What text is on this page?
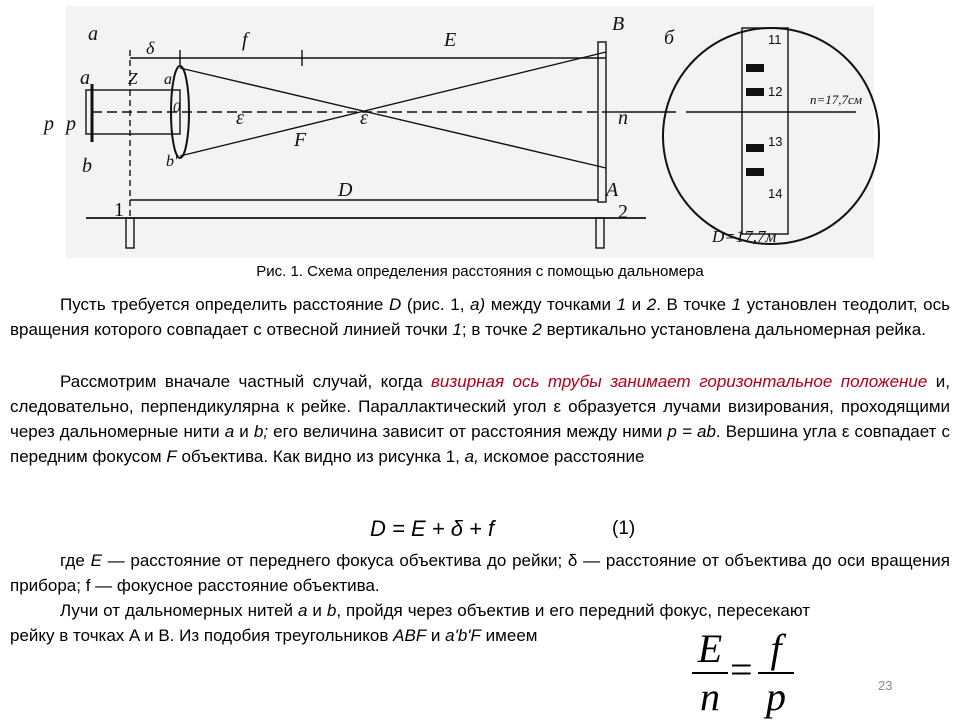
а
δ	f	E
B
б
a Z a'
0
p p	ε	ε
F
n
b	b'
D	A
1	2
11
12
13
14
n=17,7см
D=17,7м
Рис. 1. Схема определения расстояния с помощью дальномера
Пусть требуется определить расстояние D (рис. 1, а) между точками 1 и 2. В точке 1 установлен теодолит, ось вращения которого совпадает с отвесной линией точки 1; в точке 2 вертикально установлена дальномерная рейка.
Рассмотрим вначале частный случай, когда визирная ось трубы занимает горизонтальное положение и, следовательно, перпендикулярна к рейке. Параллактический угол ε образуется лучами визирования, проходящими через дальномерные нити a и b; его величина зависит от расстояния между ними р = ab. Вершина угла ε совпадает с передним фокусом F объектива. Как видно из рисунка 1, а, искомое расстояние
D = E + δ + f	(1)
где E — расстояние от переднего фокуса объектива до рейки; δ — расстояние от объектива до оси вращения прибора; f — фокусное расстояние объектива.
Лучи от дальномерных нитей а и b, пройдя через объектив и его передний фокус, пересекают рейку в точках A и B. Из подобия треугольников ABF и a'b'F имеем	E
n
= f
p	23
